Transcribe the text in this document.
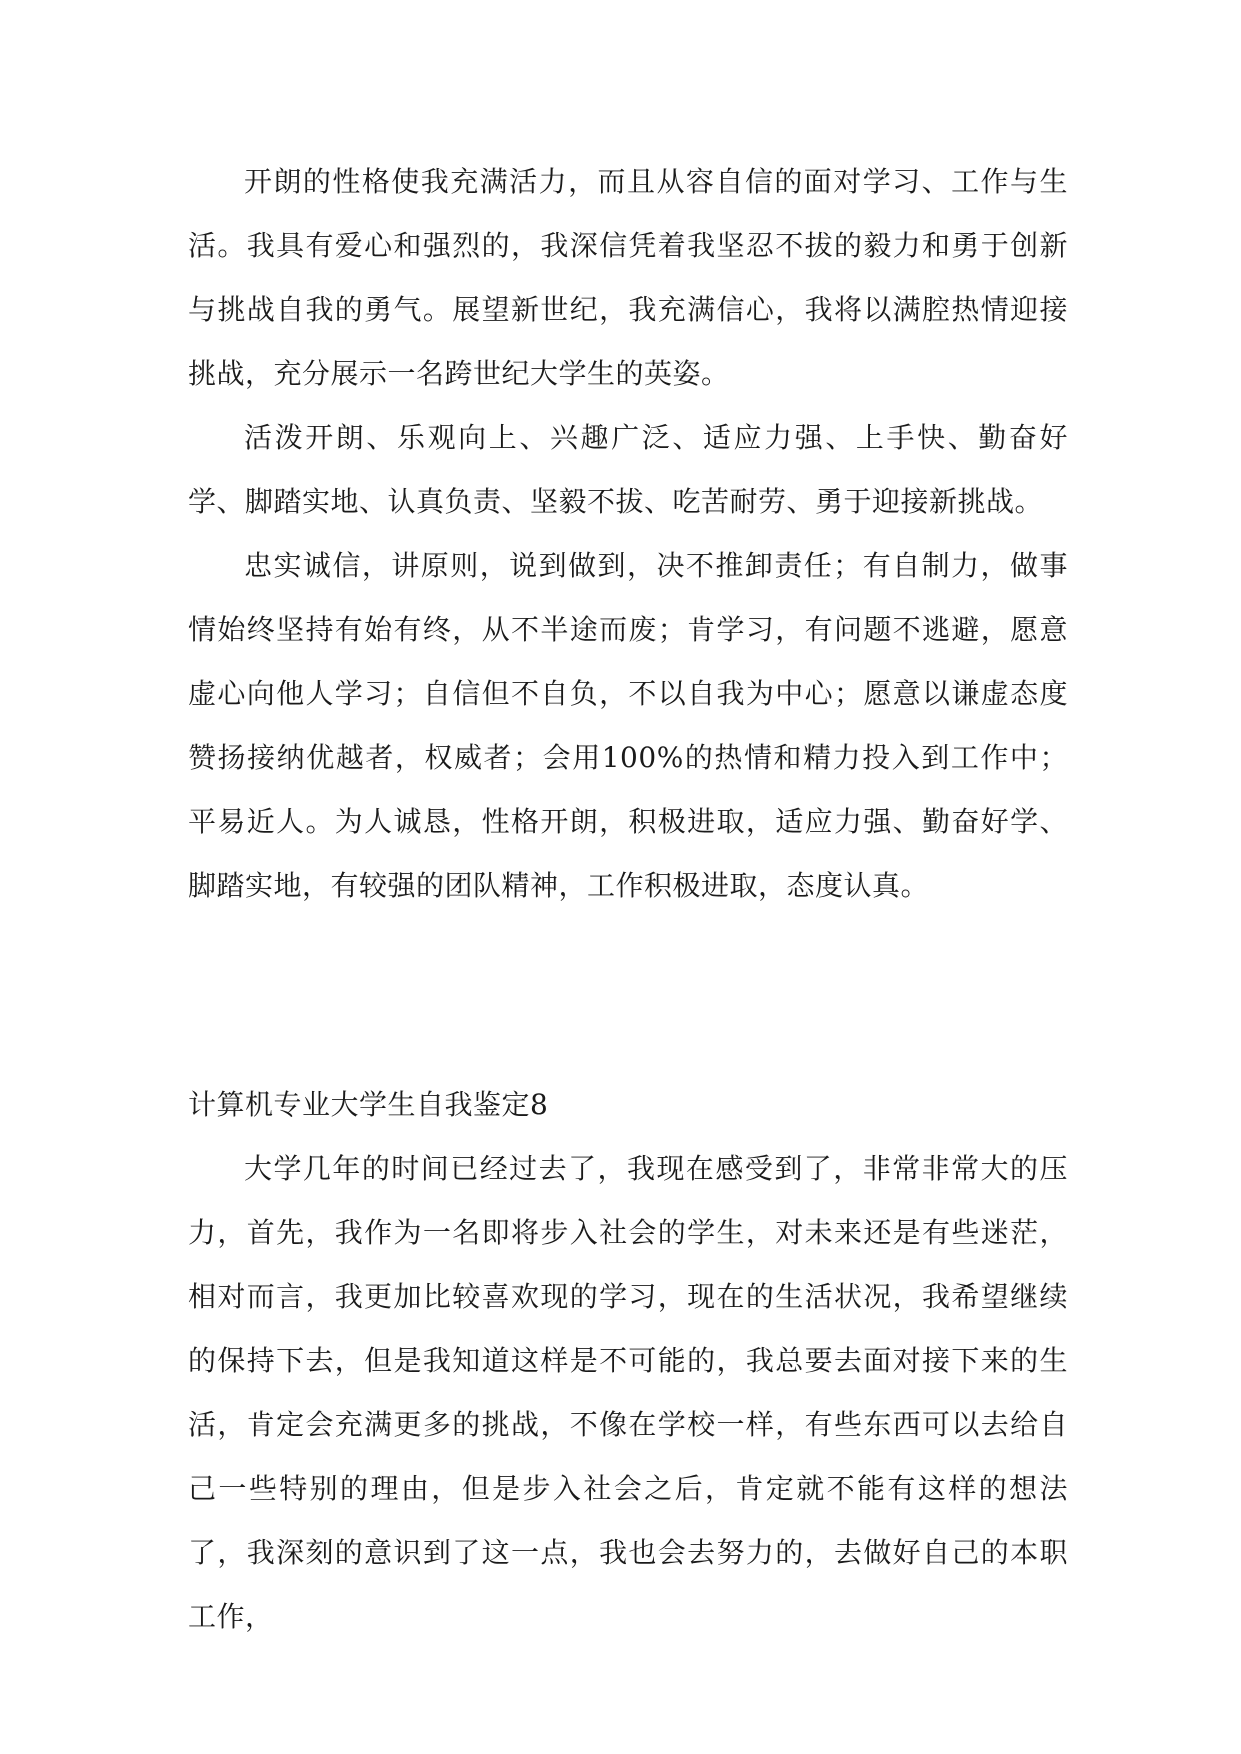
开朗的性格使我充满活力，而且从容自信的面对学习、工作与生活。我具有爱心和强烈的，我深信凭着我坚忍不拔的毅力和勇于创新与挑战自我的勇气。展望新世纪，我充满信心，我将以满腔热情迎接挑战，充分展示一名跨世纪大学生的英姿。

活泼开朗、乐观向上、兴趣广泛、适应力强、上手快、勤奋好学、脚踏实地、认真负责、坚毅不拔、吃苦耐劳、勇于迎接新挑战。

忠实诚信，讲原则，说到做到，决不推卸责任；有自制力，做事情始终坚持有始有终，从不半途而废；肯学习，有问题不逃避，愿意虚心向他人学习；自信但不自负，不以自我为中心；愿意以谦虚态度赞扬接纳优越者，权威者；会用100%的热情和精力投入到工作中；平易近人。为人诚恳，性格开朗，积极进取，适应力强、勤奋好学、脚踏实地，有较强的团队精神，工作积极进取，态度认真。

计算机专业大学生自我鉴定8

大学几年的时间已经过去了，我现在感受到了，非常非常大的压力，首先，我作为一名即将步入社会的学生，对未来还是有些迷茫，相对而言，我更加比较喜欢现的学习，现在的生活状况，我希望继续的保持下去，但是我知道这样是不可能的，我总要去面对接下来的生活，肯定会充满更多的挑战，不像在学校一样，有些东西可以去给自己一些特别的理由，但是步入社会之后，肯定就不能有这样的想法了，我深刻的意识到了这一点，我也会去努力的，去做好自己的本职工作，
